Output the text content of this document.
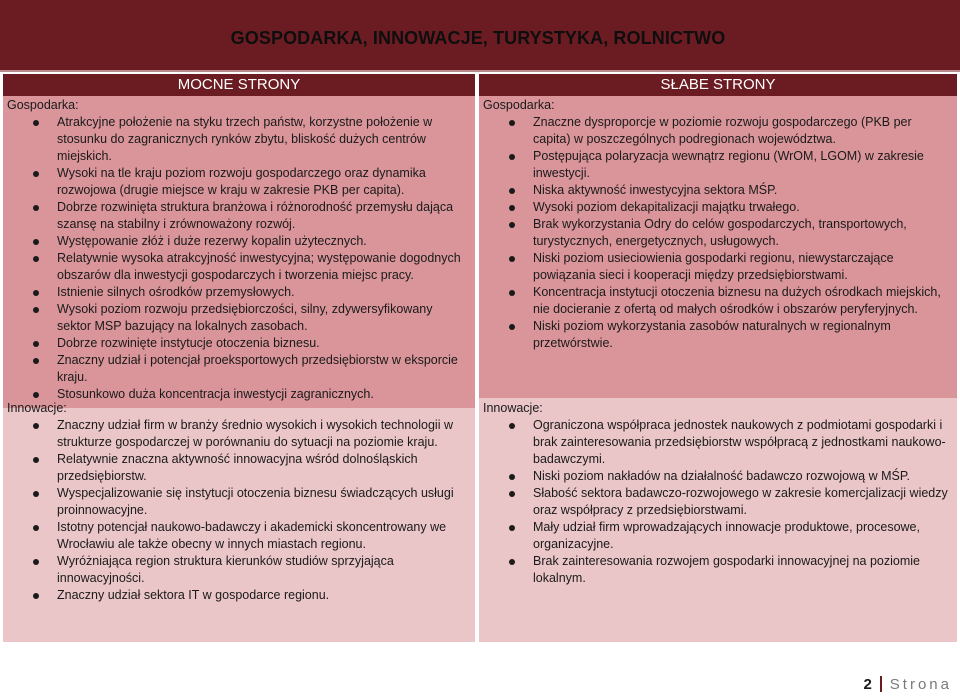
GOSPODARKA, INNOWACJE, TURYSTYKA, ROLNICTWO
MOCNE STRONY
Gospodarka:
Atrakcyjne położenie na styku trzech państw, korzystne położenie w stosunku do zagranicznych rynków zbytu, bliskość dużych centrów miejskich.
Wysoki na tle kraju poziom rozwoju gospodarczego oraz dynamika rozwojowa (drugie miejsce w kraju w zakresie PKB per capita).
Dobrze rozwinięta struktura branżowa i różnorodność przemysłu dająca szansę na stabilny i zrównoważony rozwój.
Występowanie złóż i duże rezerwy kopalin użytecznych.
Relatywnie wysoka atrakcyjność inwestycyjna; występowanie dogodnych obszarów dla inwestycji gospodarczych i tworzenia miejsc pracy.
Istnienie silnych ośrodków przemysłowych.
Wysoki poziom rozwoju przedsiębiorczości, silny, zdywersyfikowany sektor MSP bazujący na lokalnych zasobach.
Dobrze rozwinięte instytucje otoczenia biznesu.
Znaczny udział i potencjał proeksportowych przedsiębiorstw w eksporcie kraju.
Stosunkowo duża koncentracja inwestycji zagranicznych.
Innowacje:
Znaczny udział firm w branży średnio wysokich i wysokich technologii w strukturze gospodarczej w porównaniu do sytuacji na poziomie kraju.
Relatywnie znaczna aktywność innowacyjna wśród dolnośląskich przedsiębiorstw.
Wyspecjalizowanie się instytucji otoczenia biznesu świadczących usługi proinnowacyjne.
Istotny potencjał naukowo-badawczy i akademicki skoncentrowany we Wrocławiu ale także obecny w innych miastach regionu.
Wyróżniająca region struktura kierunków studiów sprzyjająca innowacyjności.
Znaczny udział sektora IT w gospodarce regionu.
SŁABE STRONY
Gospodarka:
Znaczne dysproporcje w poziomie rozwoju gospodarczego (PKB per capita) w poszczególnych podregionach województwa.
Postępująca polaryzacja wewnątrz regionu (WrOM, LGOM) w zakresie inwestycji.
Niska aktywność inwestycyjna sektora MŚP.
Wysoki poziom dekapitalizacji majątku trwałego.
Brak wykorzystania Odry do celów gospodarczych, transportowych, turystycznych, energetycznych, usługowych.
Niski poziom usieciowienia gospodarki regionu, niewystarczające powiązania sieci i kooperacji między przedsiębiorstwami.
Koncentracja instytucji otoczenia biznesu na dużych ośrodkach miejskich, nie docieranie z ofertą od małych ośrodków i obszarów peryferyjnych.
Niski poziom wykorzystania zasobów naturalnych w regionalnym przetwórstwie.
Innowacje:
Ograniczona współpraca jednostek naukowych z podmiotami gospodarki i brak zainteresowania przedsiębiorstw współpracą z jednostkami naukowo-badawczymi.
Niski poziom nakładów na działalność badawczo rozwojową w MŚP.
Słabość sektora badawczo-rozwojowego w zakresie komercjalizacji wiedzy oraz współpracy z przedsiębiorstwami.
Mały udział firm wprowadzających innowacje produktowe, procesowe, organizacyjne.
Brak zainteresowania rozwojem gospodarki innowacyjnej na poziomie lokalnym.
2 Strona
